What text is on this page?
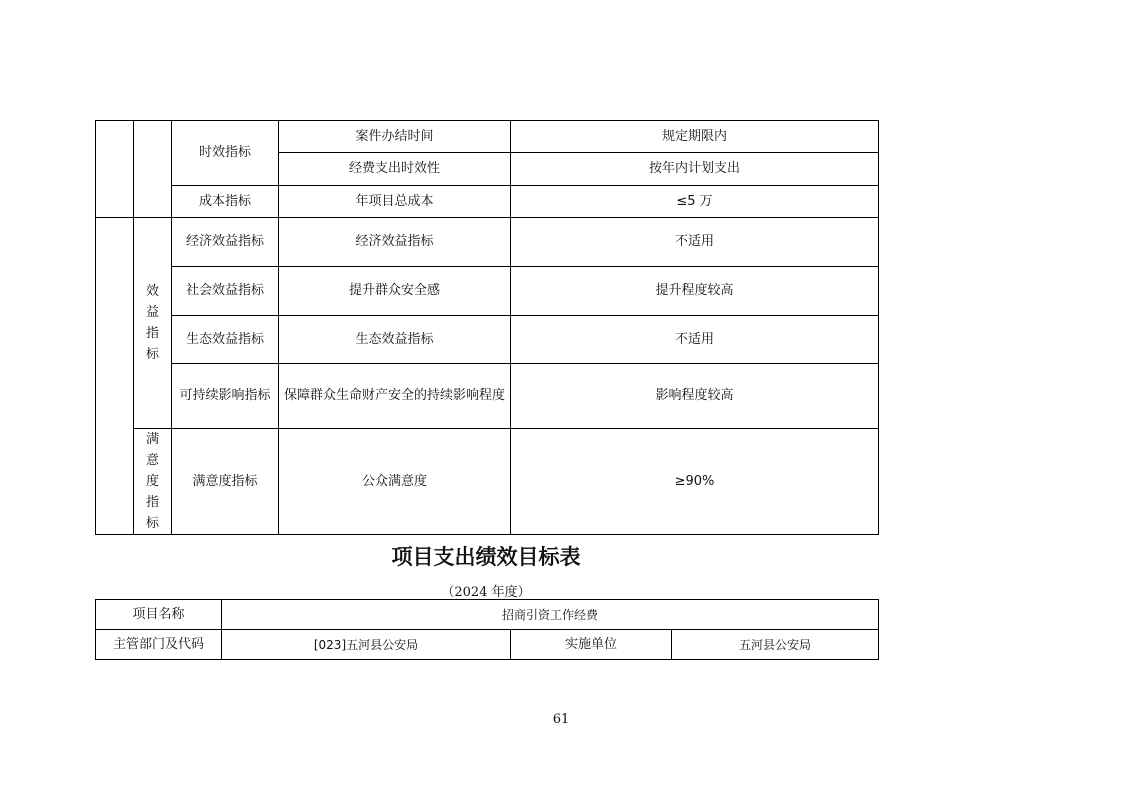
		时效指标	案件办结时间	规定期限内
			经费支出时效性	按年内计划支出
		成本指标	年项目总成本	≤5 万

	效益指标	经济效益指标	经济效益指标	不适用
		社会效益指标	提升群众安全感	提升程度较高
		生态效益指标	生态效益指标	不适用
		可持续影响指标	保障群众生命财产安全的持续影响程度	影响程度较高

	满意度指标	满意度指标	公众满意度	≥90%
项目支出绩效目标表
（2024 年度）
项目名称	招商引资工作经费		
主管部门及代码	[023]五河县公安局	实施单位	五河县公安局
61
